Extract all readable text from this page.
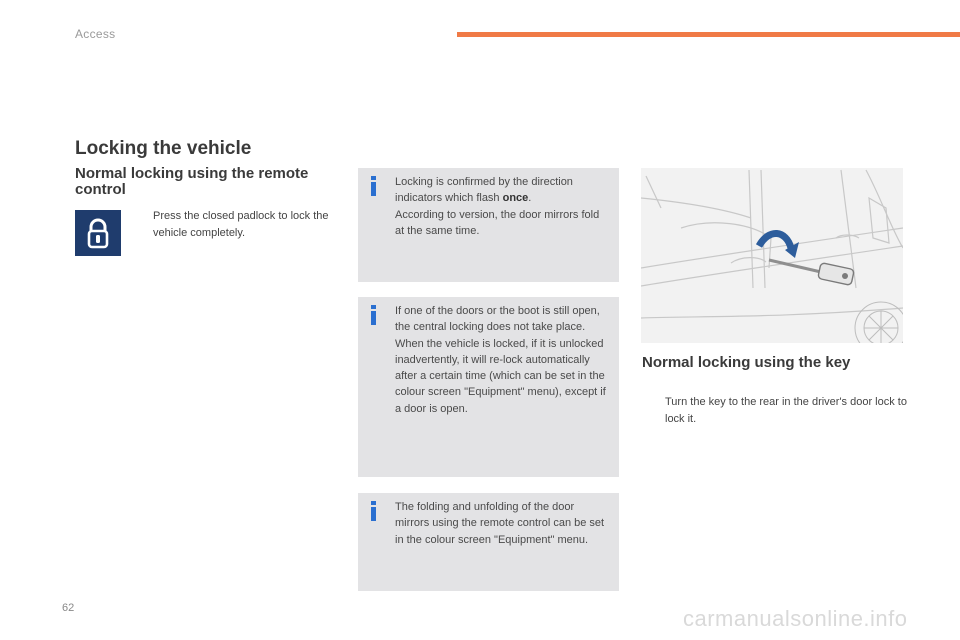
Access
Locking the vehicle
Normal locking using the remote control
Press the closed padlock to lock the vehicle completely.
Locking is confirmed by the direction indicators which flash once.
According to version, the door mirrors fold at the same time.
If one of the doors or the boot is still open, the central locking does not take place.
When the vehicle is locked, if it is unlocked inadvertently, it will re-lock automatically after a certain time (which can be set in the colour screen "Equipment" menu), except if a door is open.
The folding and unfolding of the door mirrors using the remote control can be set in the colour screen "Equipment" menu.
Normal locking using the key
Turn the key to the rear in the driver's door lock to lock it.
62	carmanualsonline.info
